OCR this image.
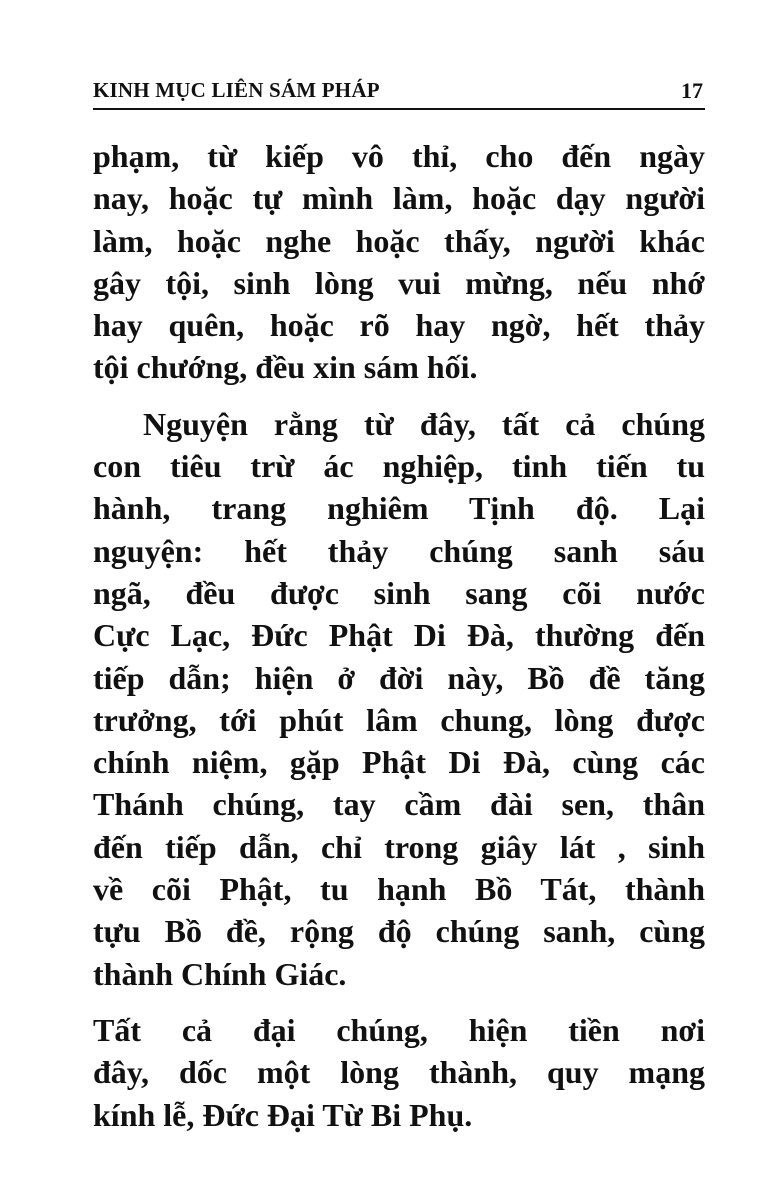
KINH MỤC LIÊN SÁM PHÁP	17
phạm, từ kiếp vô thỉ, cho đến ngày
nay, hoặc tự mình làm, hoặc dạy người
làm, hoặc nghe hoặc thấy, người khác
gây tội, sinh lòng vui mừng, nếu nhớ
hay quên, hoặc rõ hay ngờ, hết thảy
tội chướng, đều xin sám hối.
Nguyện rằng từ đây, tất cả chúng
con tiêu trừ ác nghiệp, tinh tiến tu
hành, trang nghiêm Tịnh độ. Lại
nguyện: hết thảy chúng sanh sáu
ngã, đều được sinh sang cõi nước
Cực Lạc, Đức Phật Di Đà, thường đến
tiếp dẫn; hiện ở đời này, Bồ đề tăng
trưởng, tới phút lâm chung, lòng được
chính niệm, gặp Phật Di Đà, cùng các
Thánh chúng, tay cầm đài sen, thân
đến tiếp dẫn, chỉ trong giây lát , sinh
về cõi Phật, tu hạnh Bồ Tát, thành
tựu Bồ đề, rộng độ chúng sanh, cùng
thành Chính Giác.
Tất cả đại chúng, hiện tiền nơi
đây, dốc một lòng thành, quy mạng
kính lễ, Đức Đại Từ Bi Phụ.
